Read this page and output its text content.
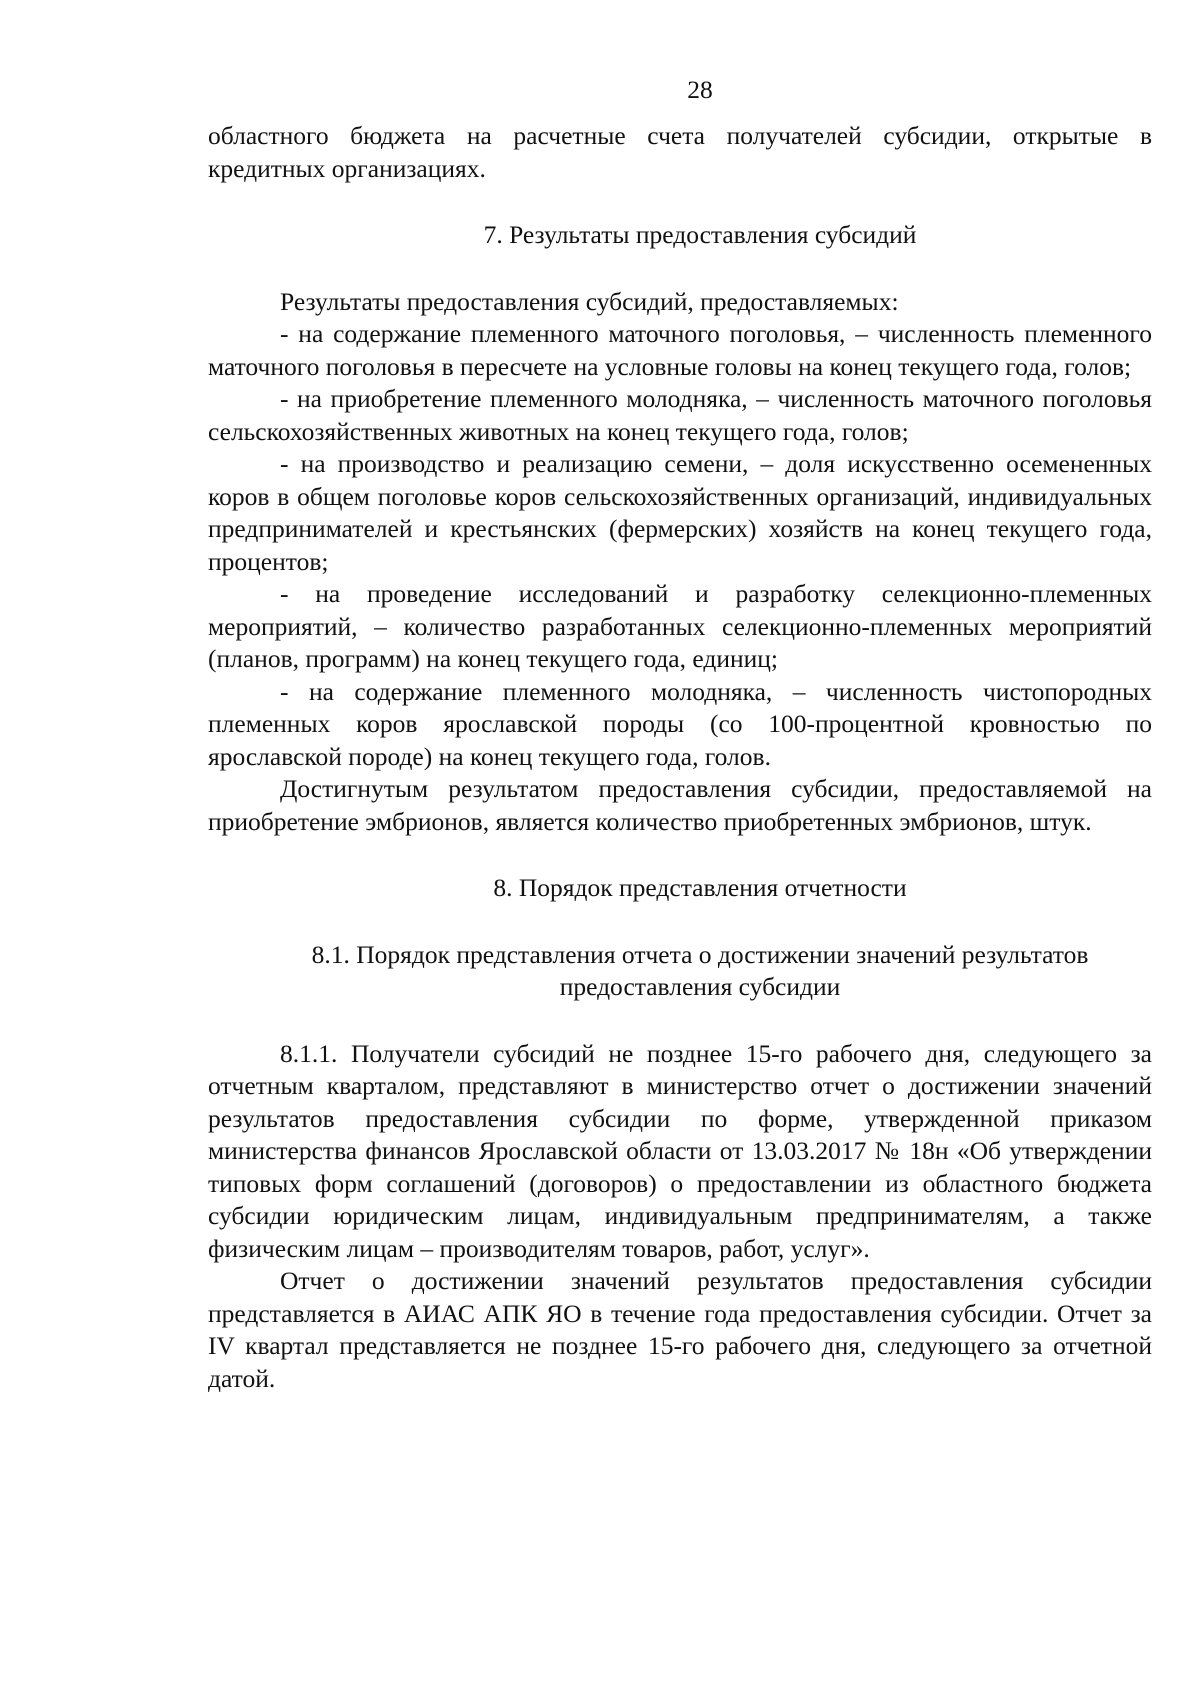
28

областного бюджета на расчетные счета получателей субсидии, открытые в кредитных организациях.

7. Результаты предоставления субсидий

Результаты предоставления субсидий, предоставляемых:

- на содержание племенного маточного поголовья, – численность племенного маточного поголовья в пересчете на условные головы на конец текущего года, голов;

- на приобретение племенного молодняка, – численность маточного поголовья сельскохозяйственных животных на конец текущего года, голов;

- на производство и реализацию семени, – доля искусственно осемененных коров в общем поголовье коров сельскохозяйственных организаций, индивидуальных предпринимателей и крестьянских (фермерских) хозяйств на конец текущего года, процентов;

- на проведение исследований и разработку селекционно-племенных мероприятий, – количество разработанных селекционно-племенных мероприятий (планов, программ) на конец текущего года, единиц;

- на содержание племенного молодняка, – численность чистопородных племенных коров ярославской породы (со 100-процентной кровностью по ярославской породе) на конец текущего года, голов.

Достигнутым результатом предоставления субсидии, предоставляемой на приобретение эмбрионов, является количество приобретенных эмбрионов, штук.

8. Порядок представления отчетности

8.1. Порядок представления отчета о достижении значений результатов предоставления субсидии

8.1.1. Получатели субсидий не позднее 15-го рабочего дня, следующего за отчетным кварталом, представляют в министерство отчет о достижении значений результатов предоставления субсидии по форме, утвержденной приказом министерства финансов Ярославской области от 13.03.2017 № 18н «Об утверждении типовых форм соглашений (договоров) о предоставлении из областного бюджета субсидии юридическим лицам, индивидуальным предпринимателям, а также физическим лицам – производителям товаров, работ, услуг».

Отчет о достижении значений результатов предоставления субсидии представляется в АИАС АПК ЯО в течение года предоставления субсидии. Отчет за IV квартал представляется не позднее 15-го рабочего дня, следующего за отчетной датой.
